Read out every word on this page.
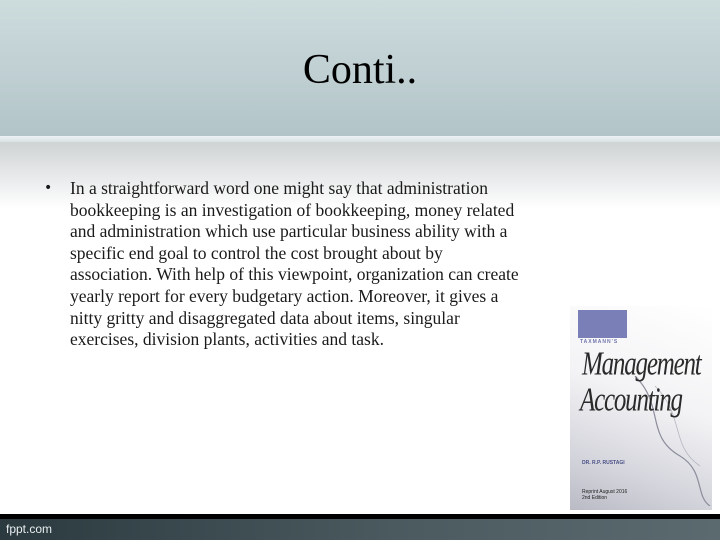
Conti..
• In a straightforward word one might say that administration bookkeeping is an investigation of bookkeeping, money related and administration which use particular business ability with a specific end goal to control the cost brought about by association. With help of this viewpoint, organization can create yearly report for every budgetary action. Moreover, it gives a nitty gritty and disaggregated data about items, singular exercises, division plants, activities and task.	TAXMANN'S
Management
Accounting
DR. R.P. RUSTAGI
Reprint August 2016
2nd Edition
fppt.com
